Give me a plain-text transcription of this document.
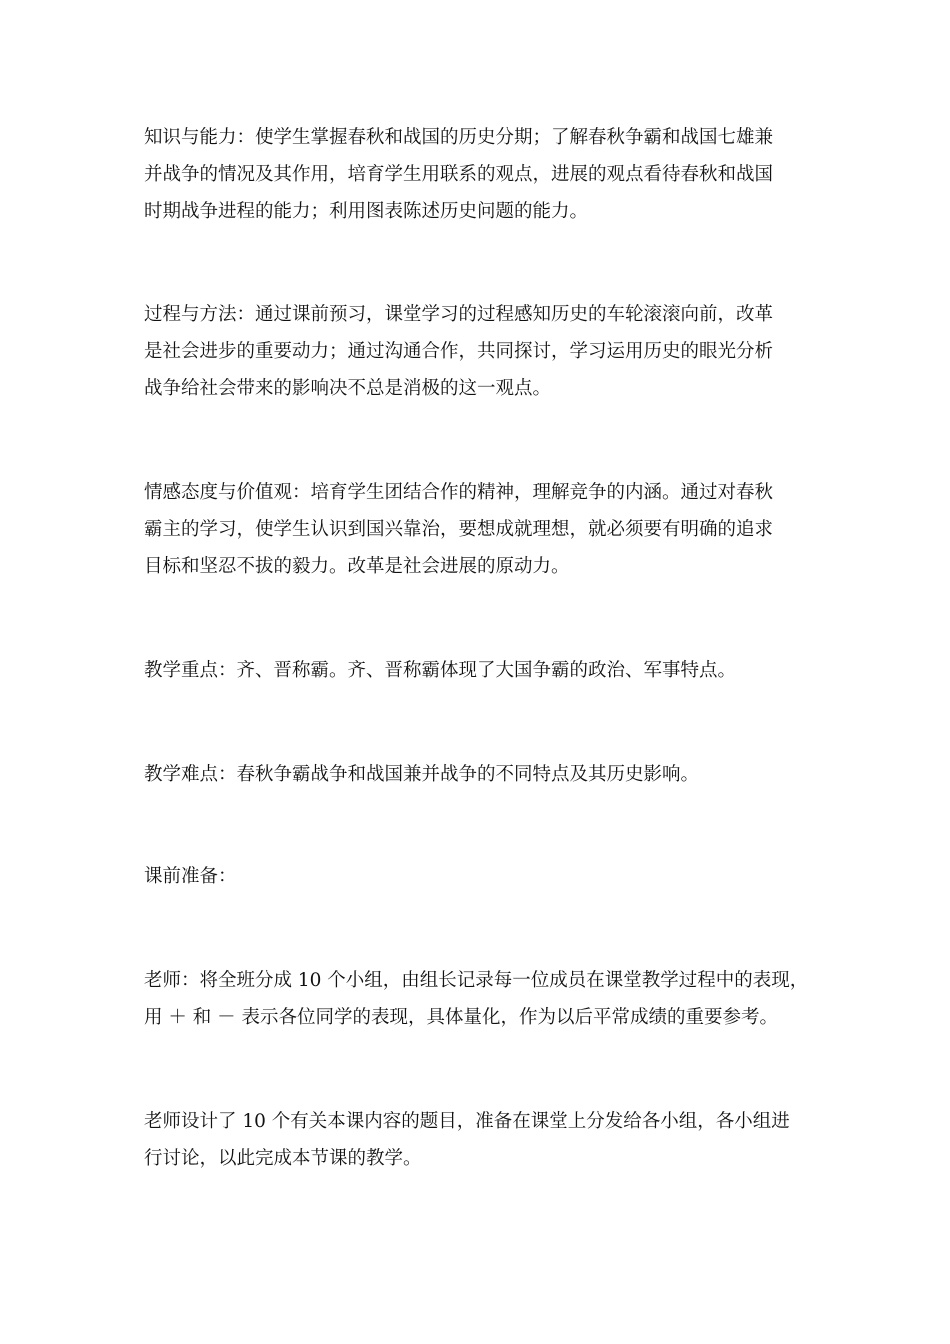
知识与能力：使学生掌握春秋和战国的历史分期；了解春秋争霸和战国七雄兼
并战争的情况及其作用，培育学生用联系的观点，进展的观点看待春秋和战国
时期战争进程的能力；利用图表陈述历史问题的能力。
过程与方法：通过课前预习，课堂学习的过程感知历史的车轮滚滚向前，改革
是社会进步的重要动力；通过沟通合作，共同探讨，学习运用历史的眼光分析
战争给社会带来的影响决不总是消极的这一观点。
情感态度与价值观：培育学生团结合作的精神，理解竞争的内涵。通过对春秋
霸主的学习，使学生认识到国兴靠治，要想成就理想，就必须要有明确的追求
目标和坚忍不拔的毅力。改革是社会进展的原动力。
教学重点：齐、晋称霸。齐、晋称霸体现了大国争霸的政治、军事特点。
教学难点：春秋争霸战争和战国兼并战争的不同特点及其历史影响。
课前准备：
老师：将全班分成 10 个小组，由组长记录每一位成员在课堂教学过程中的表现，
用 ＋ 和 － 表示各位同学的表现，具体量化，作为以后平常成绩的重要参考。
老师设计了 10 个有关本课内容的题目，准备在课堂上分发给各小组，各小组进
行讨论，以此完成本节课的教学。
